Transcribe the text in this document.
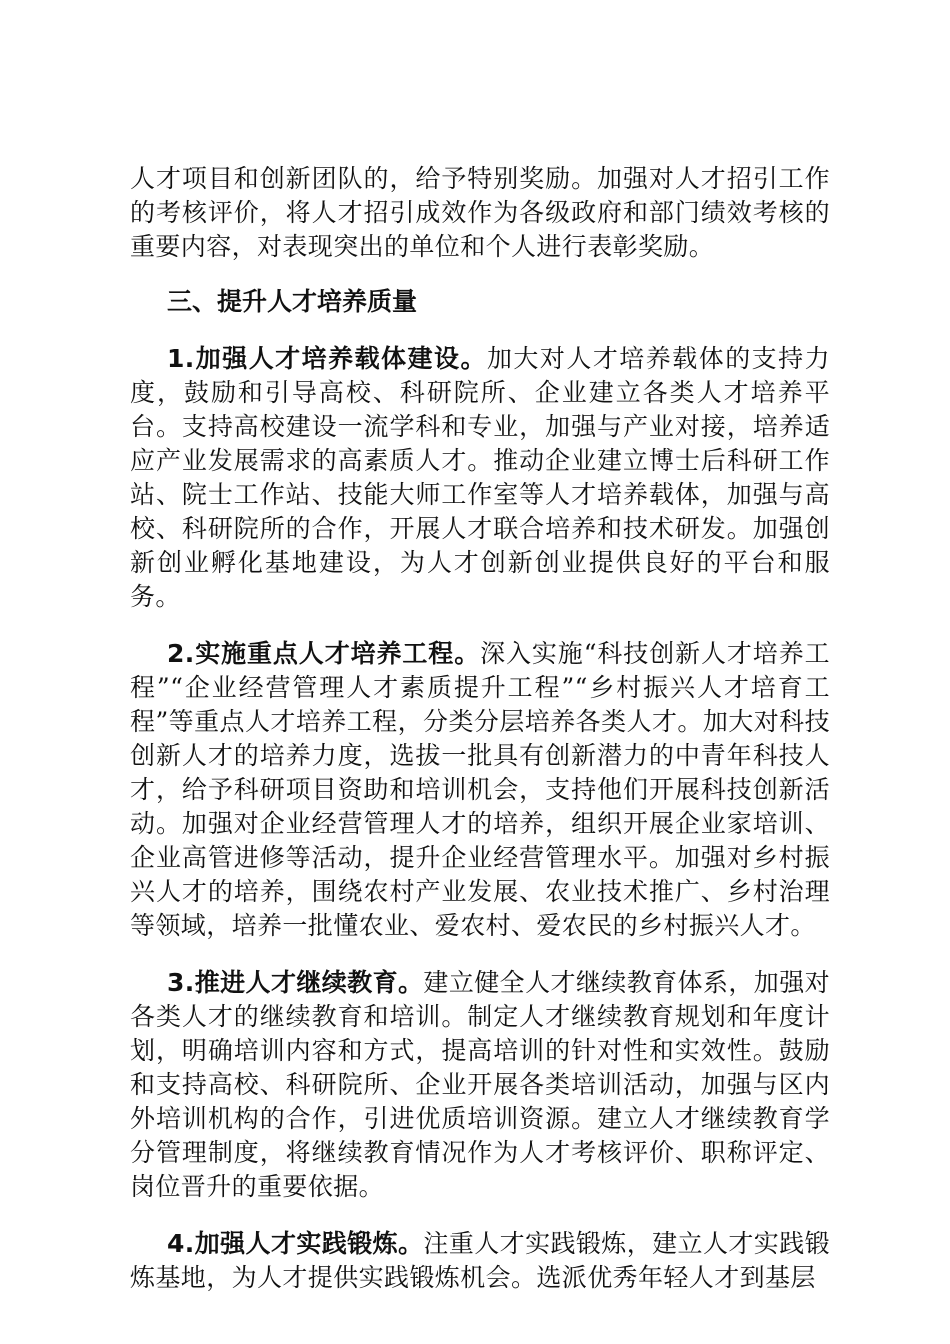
人才项目和创新团队的，给予特别奖励。加强对人才招引工作的考核评价，将人才招引成效作为各级政府和部门绩效考核的重要内容，对表现突出的单位和个人进行表彰奖励。

三、提升人才培养质量

1.加强人才培养载体建设。加大对人才培养载体的支持力度，鼓励和引导高校、科研院所、企业建立各类人才培养平台。支持高校建设一流学科和专业，加强与产业对接，培养适应产业发展需求的高素质人才。推动企业建立博士后科研工作站、院士工作站、技能大师工作室等人才培养载体，加强与高校、科研院所的合作，开展人才联合培养和技术研发。加强创新创业孵化基地建设，为人才创新创业提供良好的平台和服务。

2.实施重点人才培养工程。深入实施“科技创新人才培养工程”“企业经营管理人才素质提升工程”“乡村振兴人才培育工程”等重点人才培养工程，分类分层培养各类人才。加大对科技创新人才的培养力度，选拔一批具有创新潜力的中青年科技人才，给予科研项目资助和培训机会，支持他们开展科技创新活动。加强对企业经营管理人才的培养，组织开展企业家培训、企业高管进修等活动，提升企业经营管理水平。加强对乡村振兴人才的培养，围绕农村产业发展、农业技术推广、乡村治理等领域，培养一批懂农业、爱农村、爱农民的乡村振兴人才。

3.推进人才继续教育。建立健全人才继续教育体系，加强对各类人才的继续教育和培训。制定人才继续教育规划和年度计划，明确培训内容和方式，提高培训的针对性和实效性。鼓励和支持高校、科研院所、企业开展各类培训活动，加强与区内外培训机构的合作，引进优质培训资源。建立人才继续教育学分管理制度，将继续教育情况作为人才考核评价、职称评定、岗位晋升的重要依据。

4.加强人才实践锻炼。注重人才实践锻炼，建立人才实践锻炼基地，为人才提供实践锻炼机会。选派优秀年轻人才到基层
